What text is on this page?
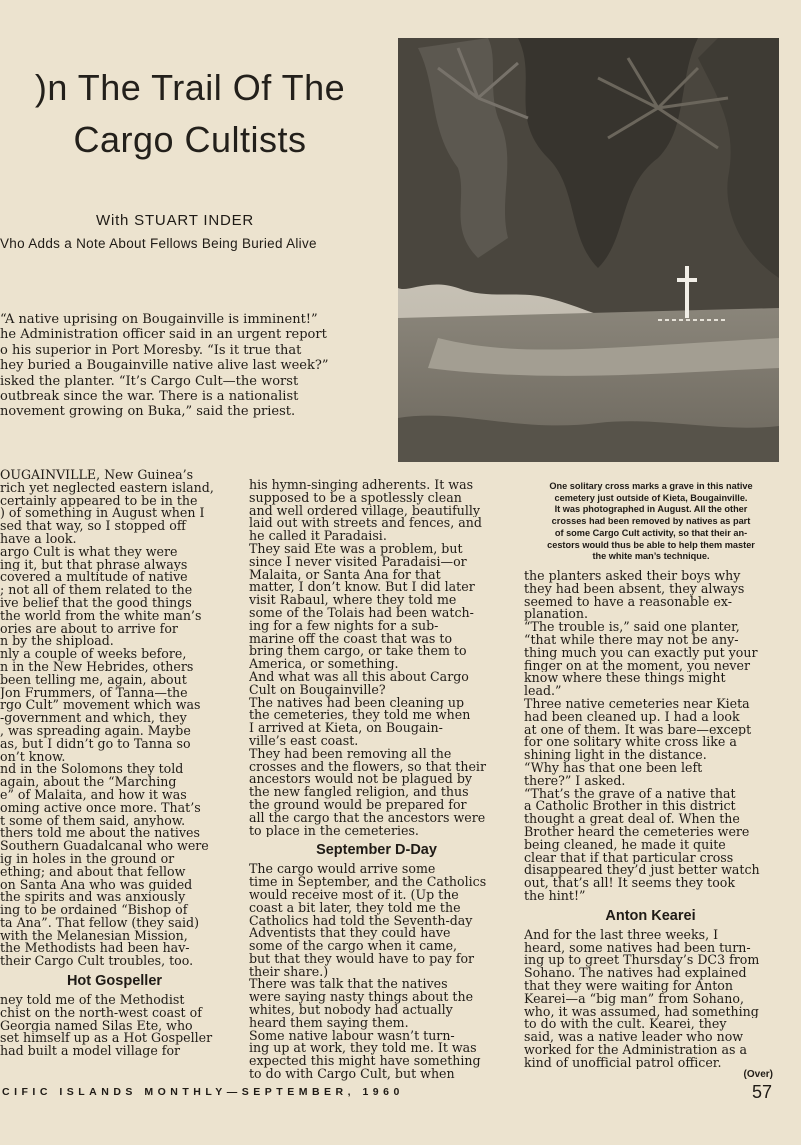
)n The Trail Of The
Cargo Cultists
With STUART INDER
Vho Adds a Note About Fellows Being Buried Alive
“A native uprising on Bougainville is imminent!”
he Administration officer said in an urgent report
o his superior in Port Moresby. “Is it true that
hey buried a Bougainville native alive last week?”
isked the planter. “It’s Cargo Cult—the worst
outbreak since the war. There is a nationalist
novement growing on Buka,” said the priest.
One solitary cross marks a grave in this native
cemetery just outside of Kieta, Bougainville.
It was photographed in August. All the other
crosses had been removed by natives as part
of some Cargo Cult activity, so that their an-
cestors would thus be able to help them master
the white man’s technique.
OUGAINVILLE, New Guinea’s
rich yet neglected eastern island,
certainly appeared to be in the
) of something in August when I
sed that way, so I stopped off
have a look.
argo Cult is what they were
ing it, but that phrase always
covered a multitude of native
; not all of them related to the
ive belief that the good things
the world from the white man’s
ories are about to arrive for
n by the shipload.
nly a couple of weeks before,
n in the New Hebrides, others
been telling me, again, about
Jon Frummers, of Tanna—the
rgo Cult” movement which was
-government and which, they
, was spreading again. Maybe
as, but I didn’t go to Tanna so
on’t know.
nd in the Solomons they told
again, about the “Marching
e” of Malaita, and how it was
oming active once more. That’s
t some of them said, anyhow.
thers told me about the natives
Southern Guadalcanal who were
ig in holes in the ground or
ething; and about that fellow
on Santa Ana who was guided
the spirits and was anxiously
ing to be ordained “Bishop of
ta Ana”. That fellow (they said)
with the Melanesian Mission,
the Methodists had been hav-
their Cargo Cult troubles, too.
Hot Gospeller
ney told me of the Methodist
chist on the north-west coast of
Georgia named Silas Ete, who
set himself up as a Hot Gospeller
had built a model village for
his hymn-singing adherents. It was
supposed to be a spotlessly clean
and well ordered village, beautifully
laid out with streets and fences, and
he called it Paradaisi.
They said Ete was a problem, but
since I never visited Paradaisi—or
Malaita, or Santa Ana for that
matter, I don’t know. But I did later
visit Rabaul, where they told me
some of the Tolais had been watch-
ing for a few nights for a sub-
marine off the coast that was to
bring them cargo, or take them to
America, or something.
And what was all this about Cargo
Cult on Bougainville?
The natives had been cleaning up
the cemeteries, they told me when
I arrived at Kieta, on Bougain-
ville’s east coast.
They had been removing all the
crosses and the flowers, so that their
ancestors would not be plagued by
the new fangled religion, and thus
the ground would be prepared for
all the cargo that the ancestors were
to place in the cemeteries.
September D-Day
The cargo would arrive some
time in September, and the Catholics
would receive most of it. (Up the
coast a bit later, they told me the
Catholics had told the Seventh-day
Adventists that they could have
some of the cargo when it came,
but that they would have to pay for
their share.)
There was talk that the natives
were saying nasty things about the
whites, but nobody had actually
heard them saying them.
Some native labour wasn’t turn-
ing up at work, they told me. It was
expected this might have something
to do with Cargo Cult, but when
the planters asked their boys why
they had been absent, they always
seemed to have a reasonable ex-
planation.
“The trouble is,” said one planter,
“that while there may not be any-
thing much you can exactly put your
finger on at the moment, you never
know where these things might
lead.”
Three native cemeteries near Kieta
had been cleaned up. I had a look
at one of them. It was bare—except
for one solitary white cross like a
shining light in the distance.
“Why has that one been left
there?” I asked.
“That’s the grave of a native that
a Catholic Brother in this district
thought a great deal of. When the
Brother heard the cemeteries were
being cleaned, he made it quite
clear that if that particular cross
disappeared they’d just better watch
out, that’s all! It seems they took
the hint!”
Anton Kearei
And for the last three weeks, I
heard, some natives had been turn-
ing up to greet Thursday’s DC3 from
Sohano. The natives had explained
that they were waiting for Anton
Kearei—a “big man” from Sohano,
who, it was assumed, had something
to do with the cult. Kearei, they
said, was a native leader who now
worked for the Administration as a
kind of unofficial patrol officer.
(Over)
CIFIC ISLANDS MONTHLY—SEPTEMBER, 1960	57
